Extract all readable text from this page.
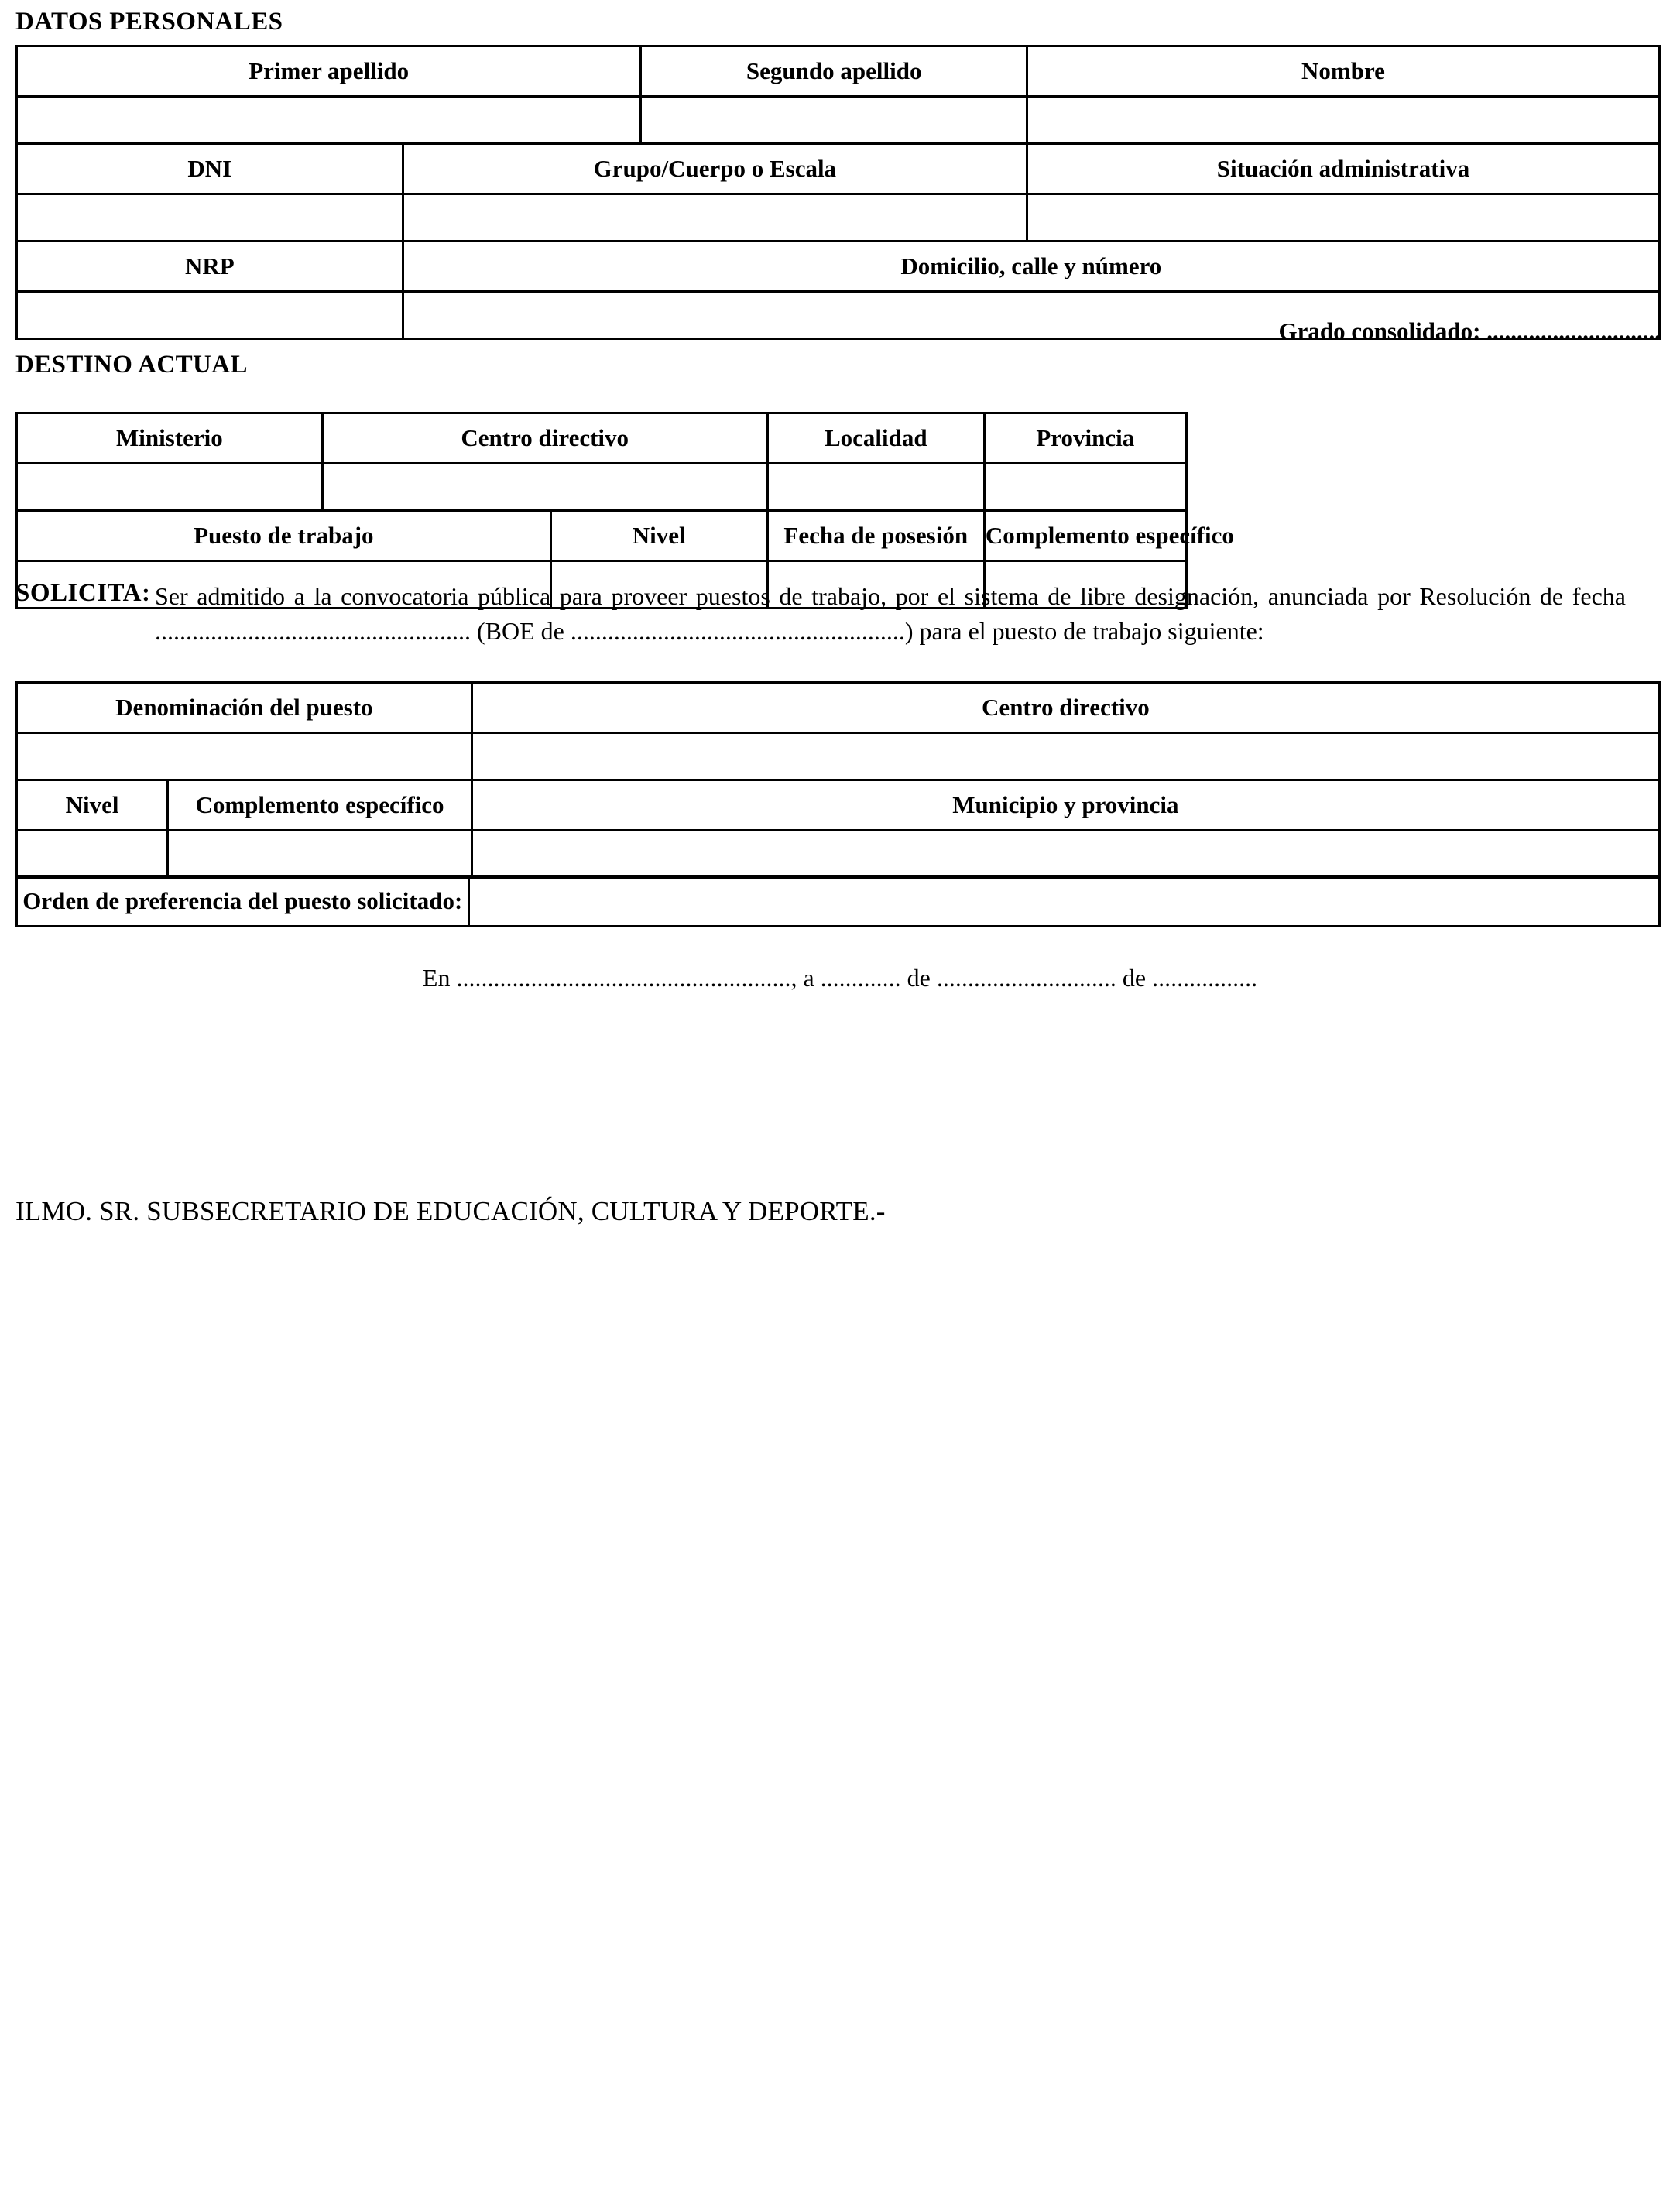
DATOS PERSONALES
Primer apellido		Segundo apellido	Nombre

DNI	Grupo/Cuerpo o Escala		Situación administrativa

NRP	Domicilio, calle y número		

Grado consolidado: .............................
DESTINO ACTUAL
Ministerio	Centro directivo		Localidad	Provincia

Puesto de trabajo		Nivel	Fecha de posesión	Complemento específico

SOLICITA: Ser admitido a la convocatoria pública para proveer puestos de trabajo, por el sistema de libre designación, anunciada por Resolución de fecha ................................................... (BOE de ......................................................) para el puesto de trabajo siguiente:
Denominación del puesto		Centro directivo

Nivel	Complemento específico	Municipio y provincia

Orden de preferencia del puesto solicitado:	
En ......................................................, a ............. de ............................. de .................
ILMO. SR. SUBSECRETARIO DE EDUCACIÓN, CULTURA Y DEPORTE.-
